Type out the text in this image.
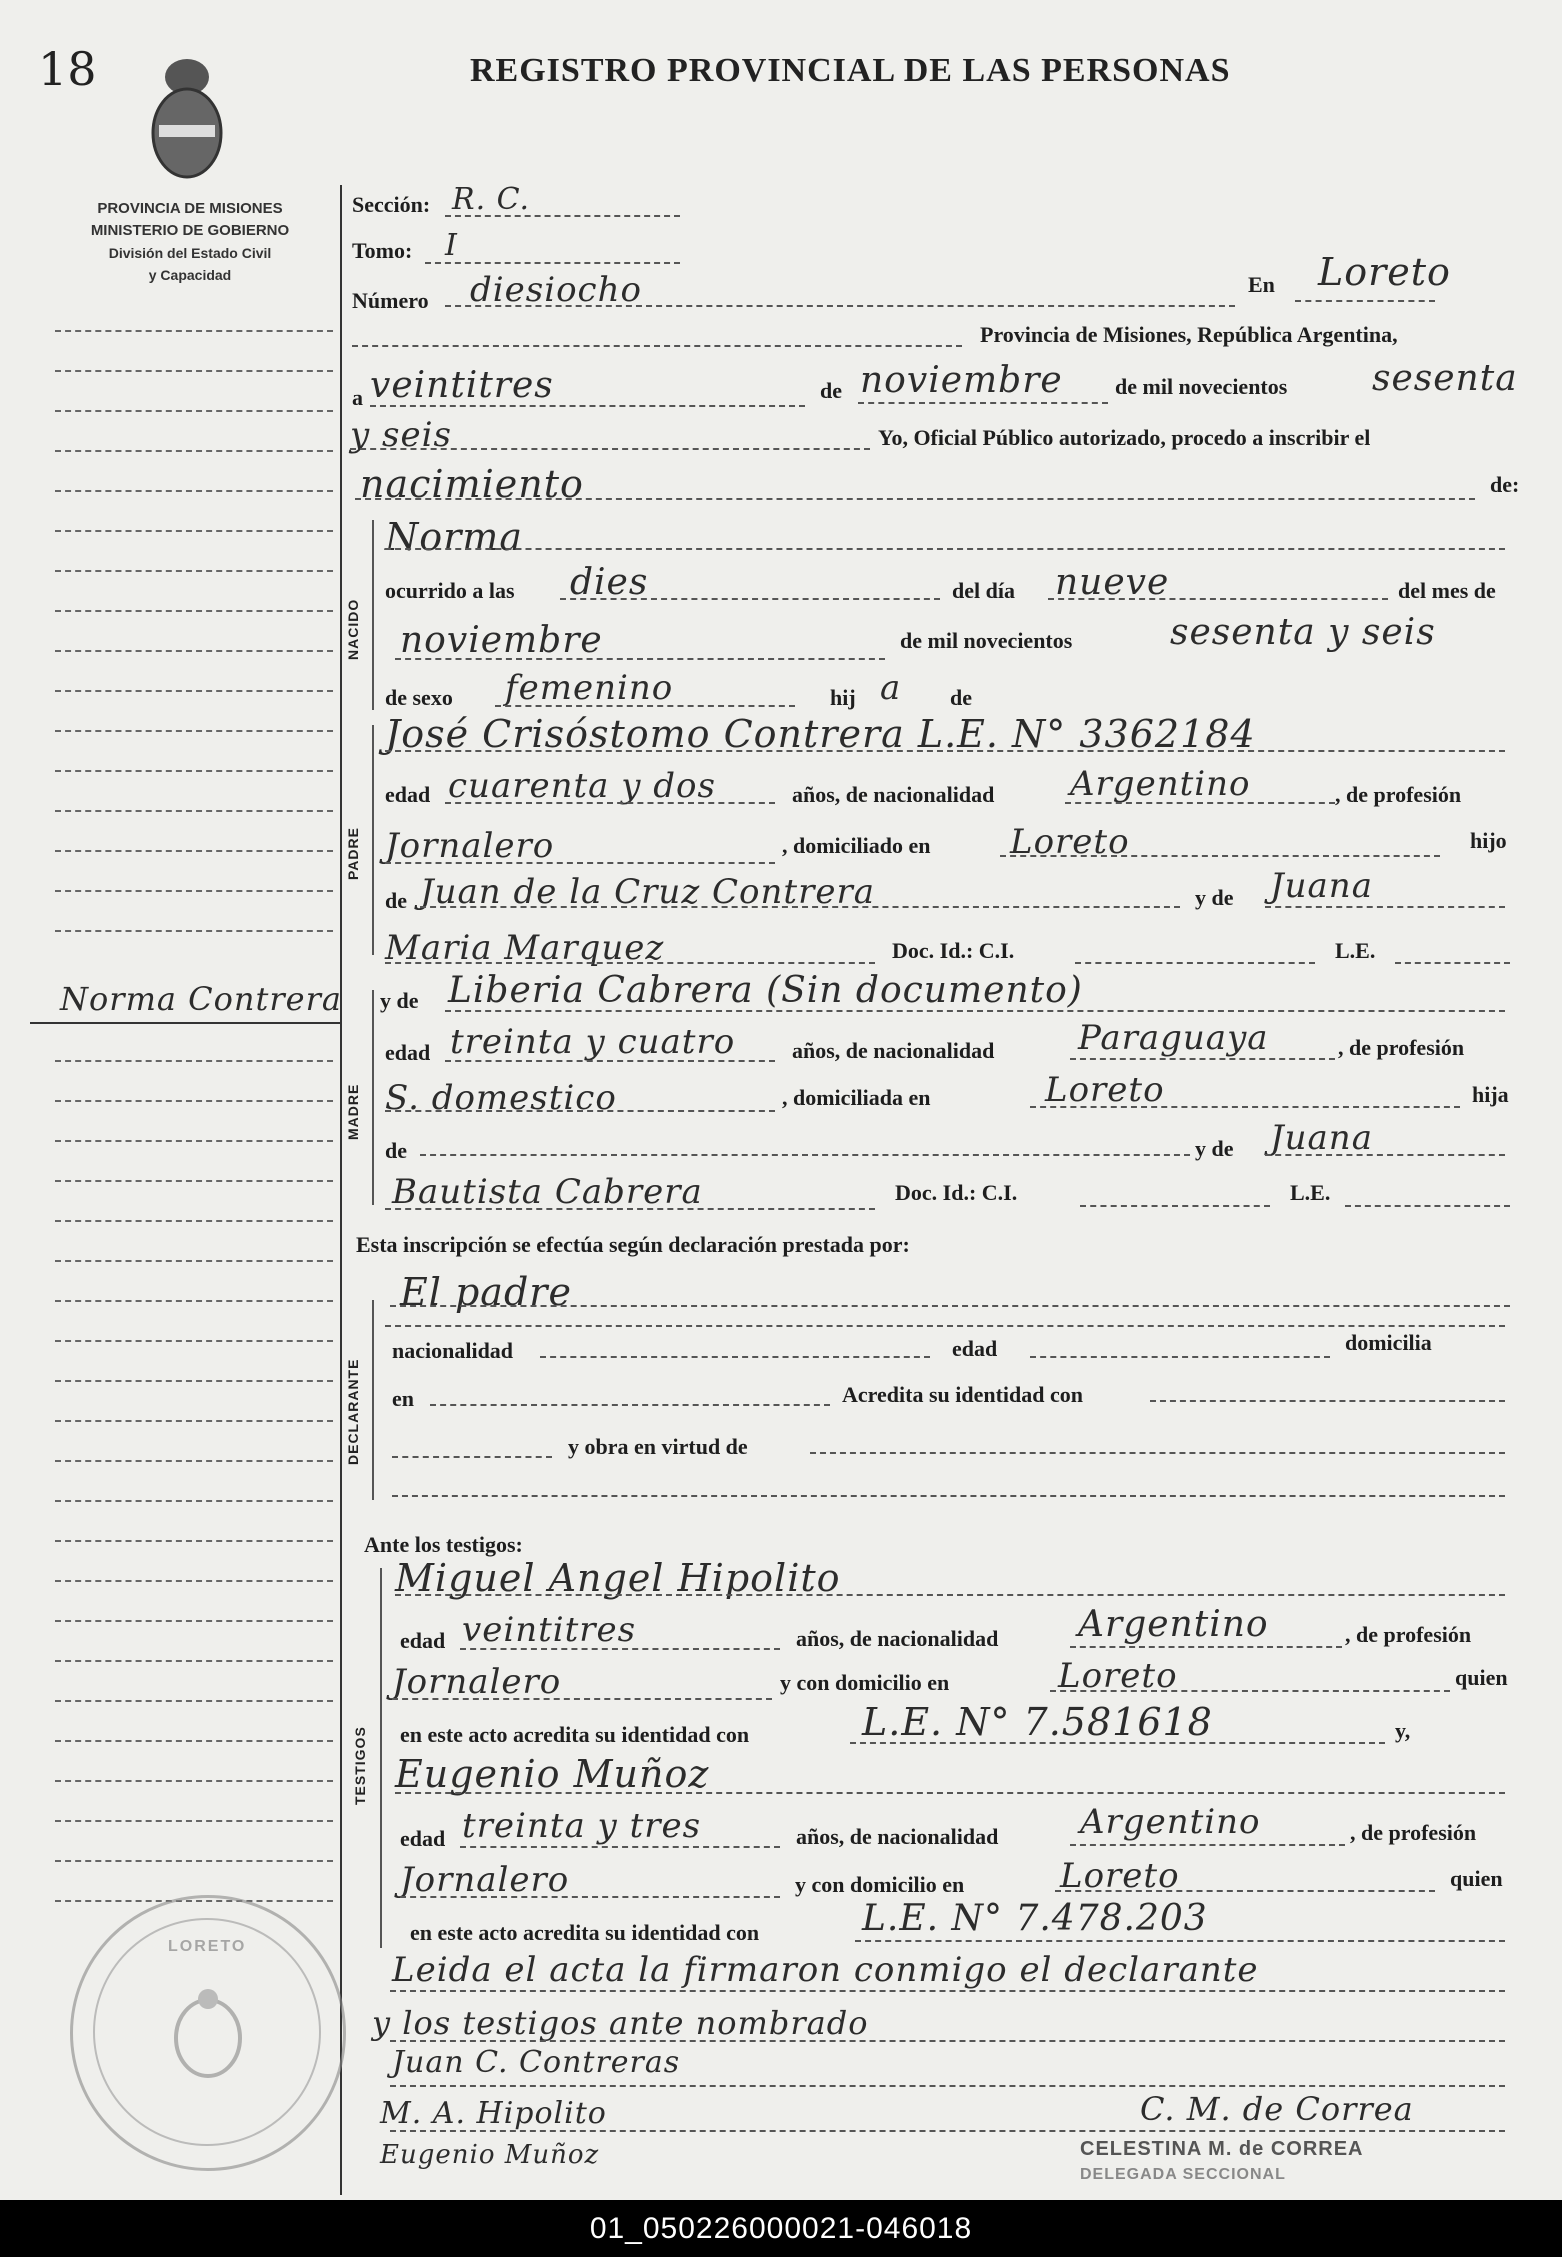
18	REGISTRO PROVINCIAL DE LAS PERSONAS
PROVINCIA DE MISIONES
MINISTERIO DE GOBIERNO
División del Estado Civil
y Capacidad
Norma Contrera
Sección: R. C.
Tomo: I
Número diesiocho	En Loreto
Provincia de Misiones, República Argentina,
a veintitres	de noviembre de mil novecientos sesenta
y seis	Yo, Oficial Público autorizado, procedo a inscribir el
nacimiento	de:
NACIDO
Norma
ocurrido a las dies	del día nueve	del mes de
noviembre	de mil novecientos	sesenta y seis
de sexo femenino	hij a de
PADRE
José Crisóstomo Contrera L.E. N° 3362184
edad cuarenta y dos	años, de nacionalidad Argentino	, de profesión
Jornalero	, domiciliado en Loreto	hijo
de Juan de la Cruz Contrera	y de Juana
Maria Marquez	Doc. Id.: C.I.	L.E.
MADRE
y de Liberia Cabrera (Sin documento)
edad treinta y cuatro	años, de nacionalidad Paraguaya	, de profesión
S. domestico	, domiciliada en	Loreto	hija
de	y de Juana
Bautista Cabrera	Doc. Id.: C.I.	L.E.
Esta inscripción se efectúa según declaración prestada por:
El padre
DECLARANTE
nacionalidad	edad	domicilia
en	Acredita su identidad con
y obra en virtud de
Ante los testigos:
TESTIGOS
Miguel Angel Hipolito
edad veintitres	años, de nacionalidad Argentino	, de profesión
Jornalero	y con domicilio en	Loreto	quien
en este acto acredita su identidad con	L.E. N° 7.581618	y,
Eugenio Muñoz
edad treinta y tres	años, de nacionalidad Argentino	, de profesión
Jornalero	y con domicilio en	Loreto	quien
en este acto acredita su identidad con	L.E. N° 7.478.203
Leida el acta la firmaron conmigo el declarante
y los testigos ante nombrado
Juan C. Contreras
M. A. Hipolito	C. M. de Correa
Eugenio Muñoz	CELESTINA M. de CORREA
DELEGADA SECCIONAL
LORETO
01_050226000021-046018
